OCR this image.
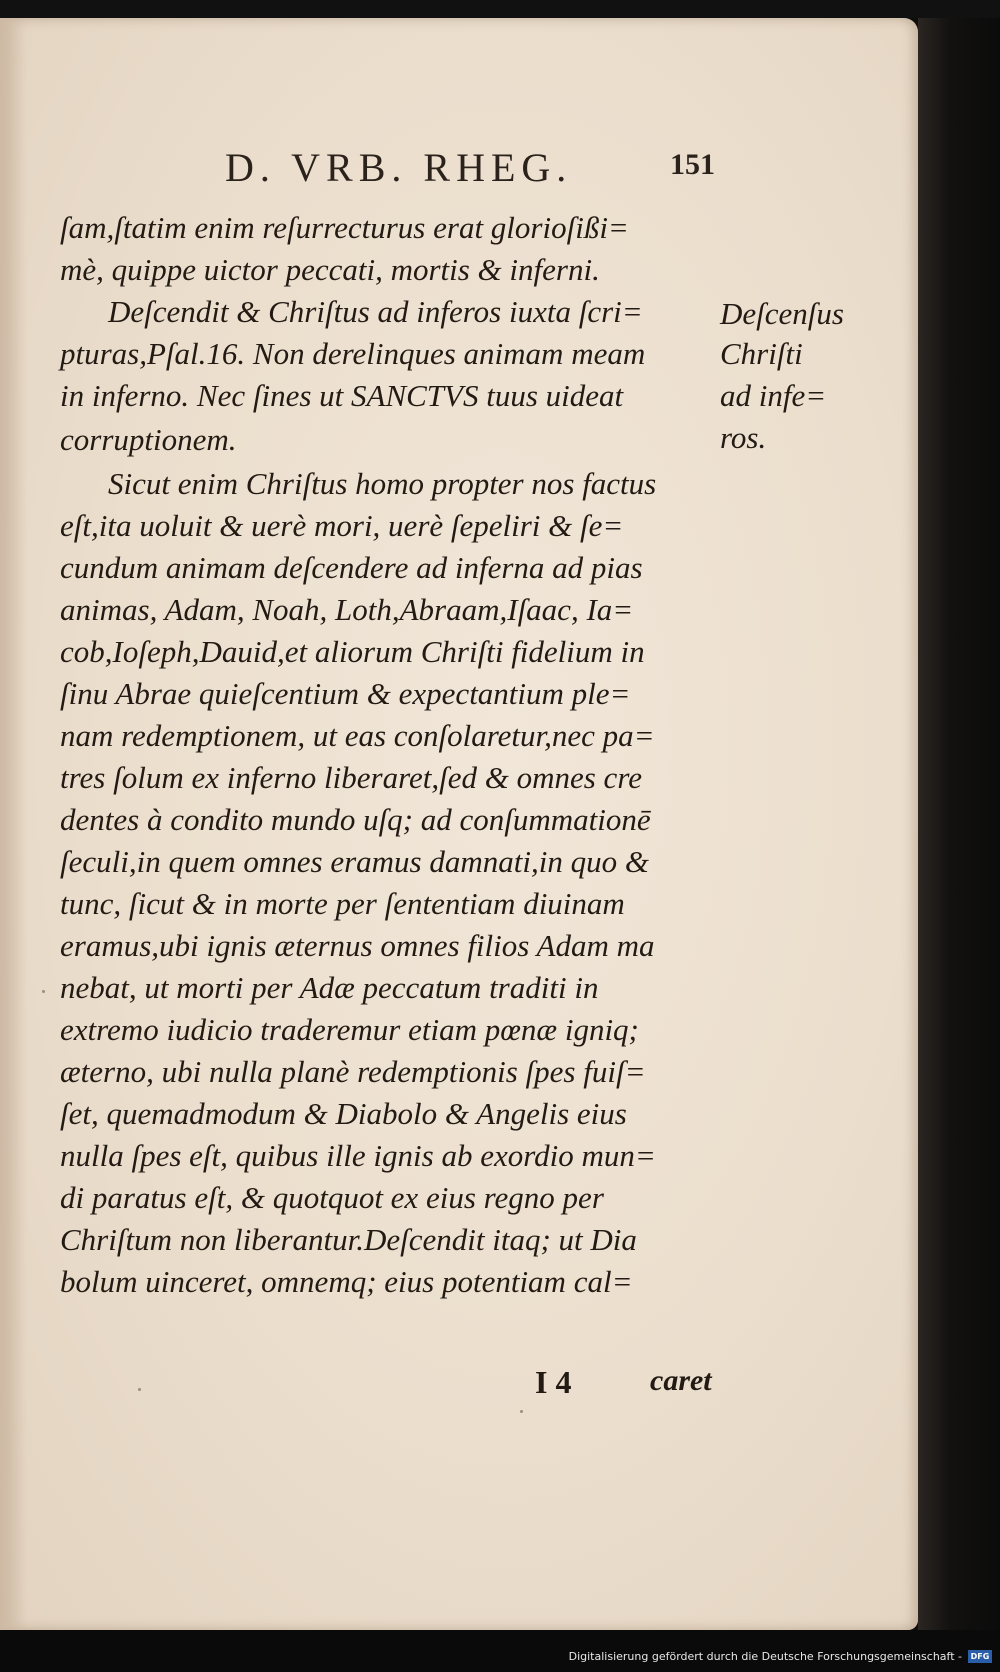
D. VRB. RHEG.	151
ſam,ſtatim enim reſurrecturus erat glorioſißi=
mè, quippe uictor peccati, mortis & inferni.
Deſcendit & Chriſtus ad inferos iuxta ſcri=
pturas,Pſal.16. Non derelinques animam meam
in inferno. Nec ſines ut SANCTVS tuus uideat
corruptionem.
Sicut enim Chriſtus homo propter nos factus
eſt,ita uoluit & uerè mori, uerè ſepeliri & ſe=
cundum animam deſcendere ad inferna ad pias
animas, Adam, Noah, Loth,Abraam,Iſaac, Ia=
cob,Ioſeph,Dauid,et aliorum Chriſti fidelium in
ſinu Abrae quieſcentium & expectantium ple=
nam redemptionem, ut eas conſolaretur,nec pa=
tres ſolum ex inferno liberaret,ſed & omnes cre
dentes à condito mundo uſq; ad conſummationē
ſeculi,in quem omnes eramus damnati,in quo &
tunc, ſicut & in morte per ſententiam diuinam
eramus,ubi ignis æternus omnes filios Adam ma
nebat, ut morti per Adæ peccatum traditi in
extremo iudicio traderemur etiam pœnæ igniq;
æterno, ubi nulla planè redemptionis ſpes fuiſ=
ſet, quemadmodum & Diabolo & Angelis eius
nulla ſpes eſt, quibus ille ignis ab exordio mun=
di paratus eſt, & quotquot ex eius regno per
Chriſtum non liberantur.Deſcendit itaq; ut Dia
bolum uinceret, omnemq; eius potentiam cal=
Deſcenſus
Chriſti
ad infe=
ros.
I 4	caret
Digitalisierung gefördert durch die Deutsche Forschungsgemeinschaft -	DFG
